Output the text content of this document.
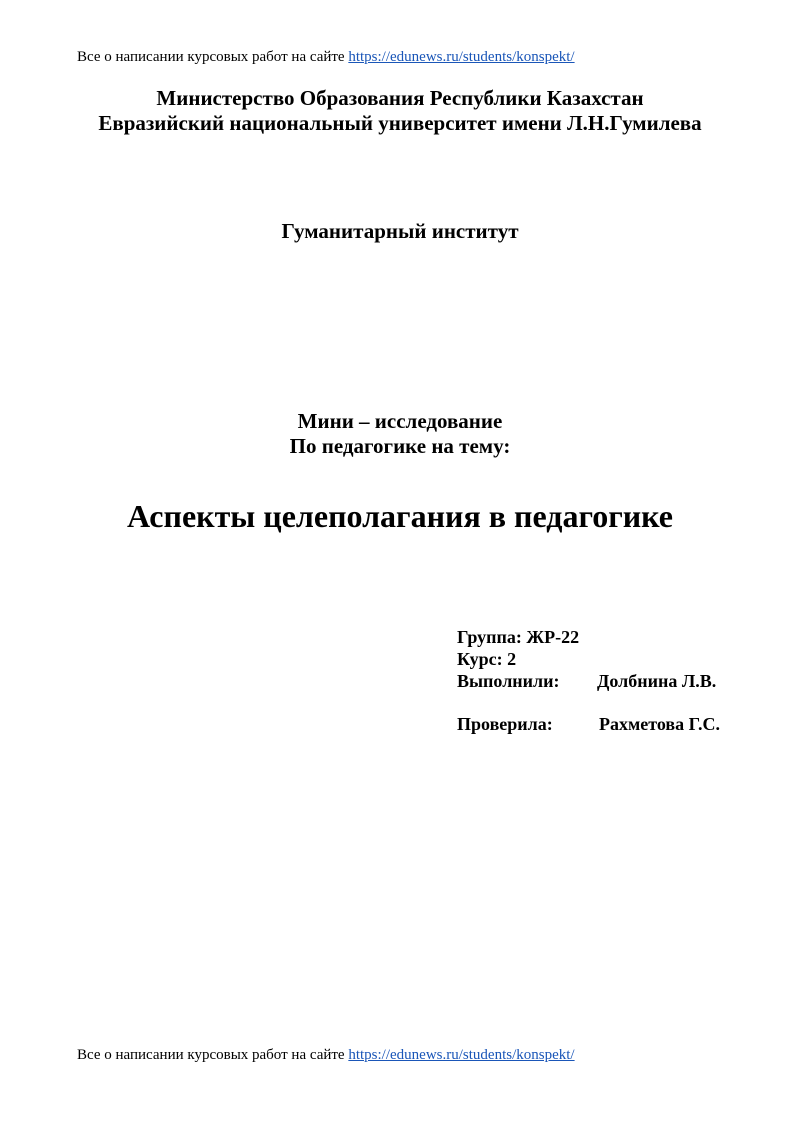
Все о написании курсовых работ на сайте https://edunews.ru/students/konspekt/
Министерство Образования Республики Казахстан
Евразийский национальный университет имени Л.Н.Гумилева
Гуманитарный институт
Мини – исследование
По педагогике на тему:
Аспекты целеполагания в педагогике
Группа: ЖР-22
Курс: 2
Выполнили: Долбнина Л.В.
Проверила:	Рахметова Г.С.
Все о написании курсовых работ на сайте https://edunews.ru/students/konspekt/
